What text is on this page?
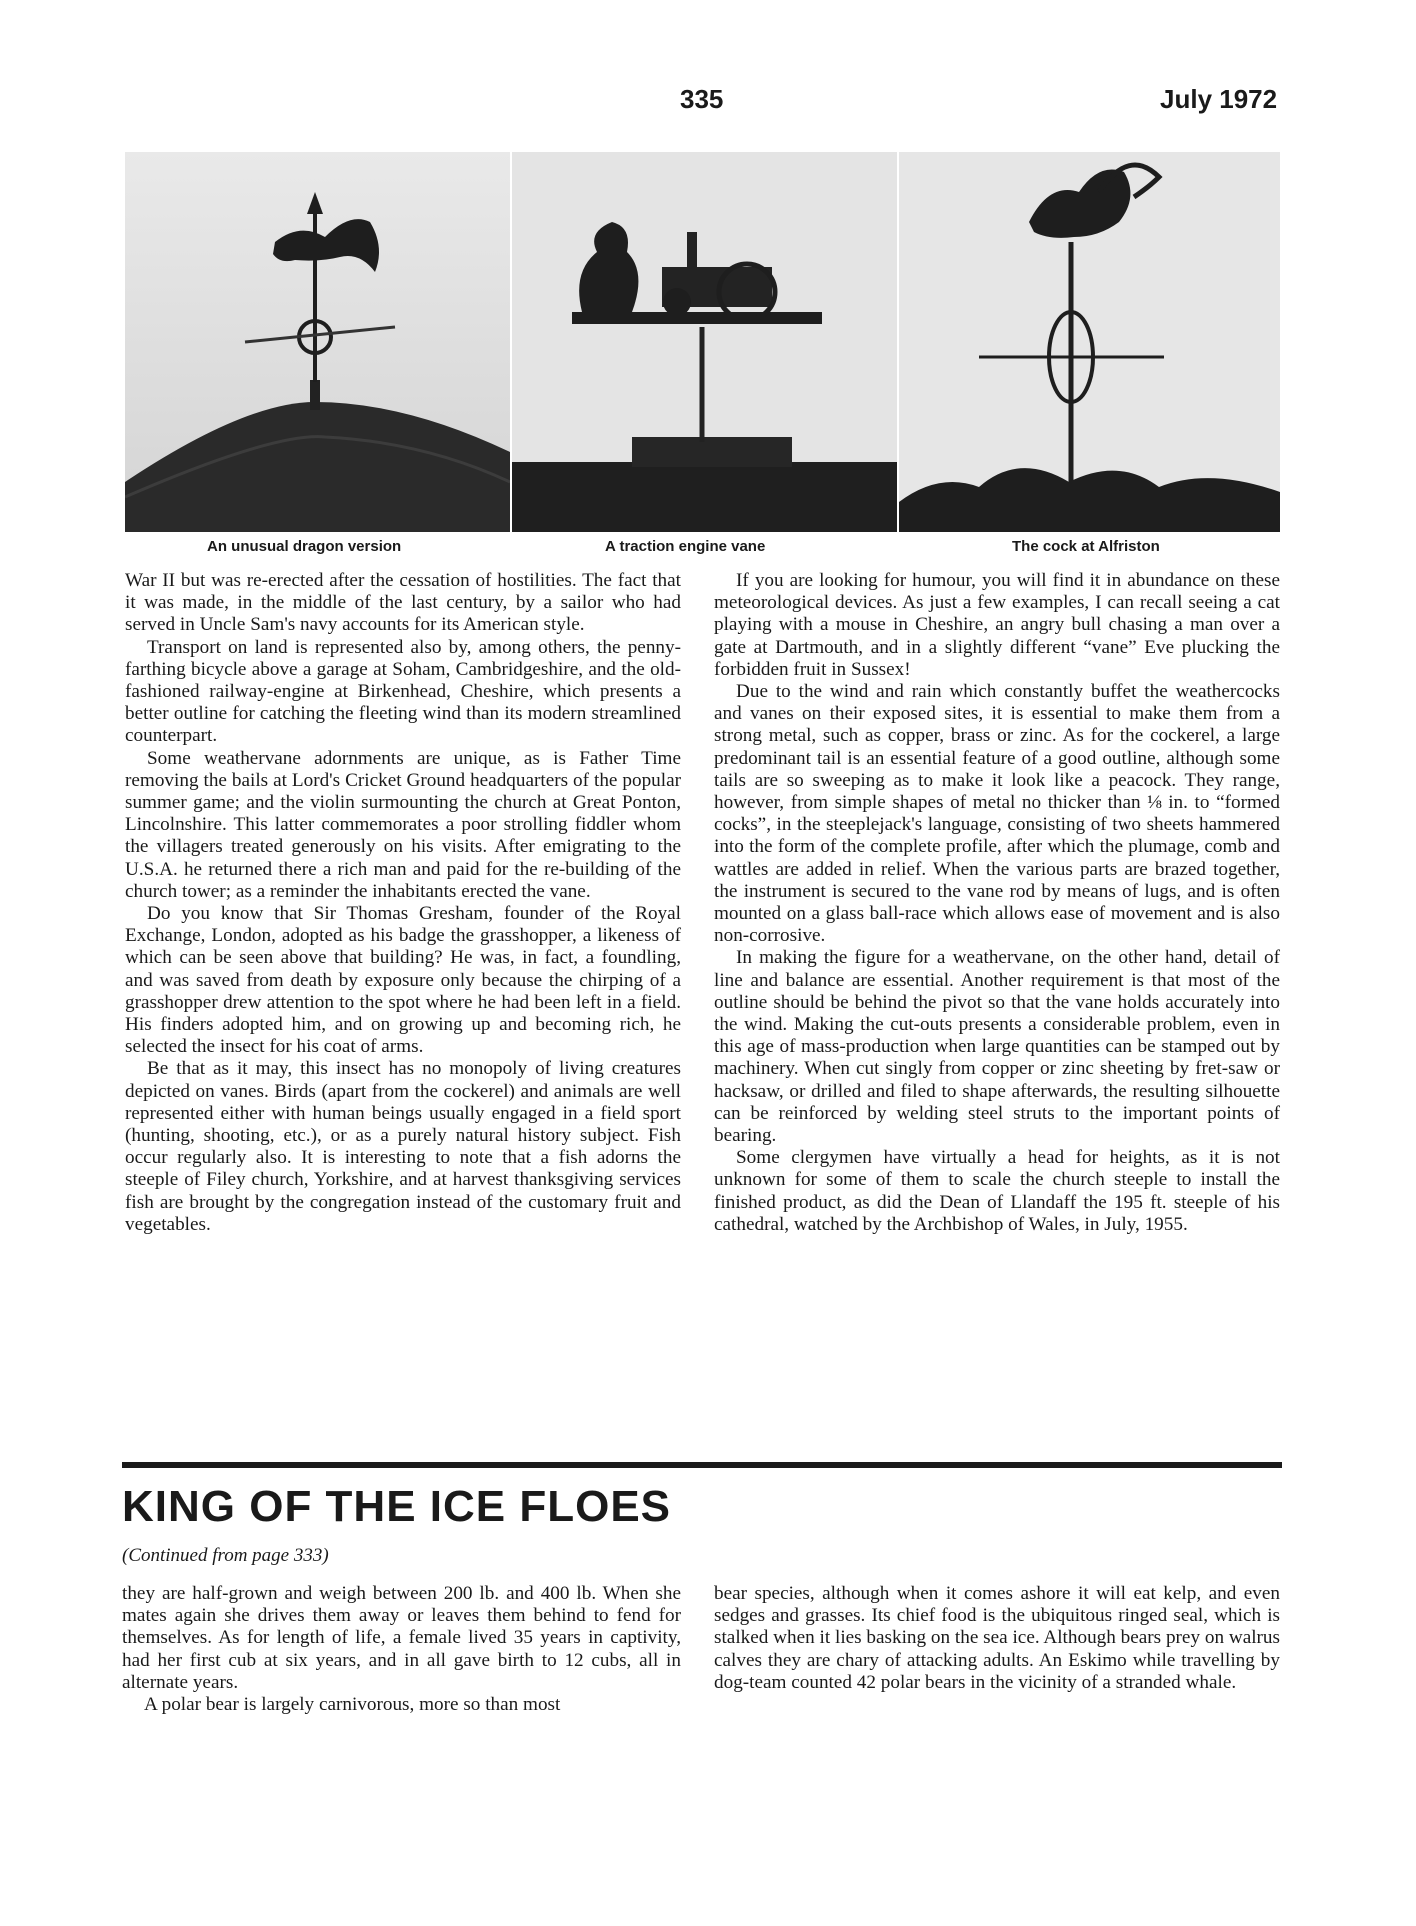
335	July 1972
An unusual dragon version	A traction engine vane	The cock at Alfriston

War II but was re-erected after the cessation of hostilities. The fact that it was made, in the middle of the last century, by a sailor who had served in Uncle Sam's navy accounts for its American style.

Transport on land is represented also by, among others, the penny-farthing bicycle above a garage at Soham, Cambridgeshire, and the old-fashioned railway-engine at Birkenhead, Cheshire, which presents a better outline for catching the fleeting wind than its modern streamlined counterpart.

Some weathervane adornments are unique, as is Father Time removing the bails at Lord's Cricket Ground headquarters of the popular summer game; and the violin surmounting the church at Great Ponton, Lincolnshire. This latter commemorates a poor strolling fiddler whom the villagers treated generously on his visits. After emigrating to the U.S.A. he returned there a rich man and paid for the re-building of the church tower; as a reminder the inhabitants erected the vane.

Do you know that Sir Thomas Gresham, founder of the Royal Exchange, London, adopted as his badge the grasshopper, a likeness of which can be seen above that building? He was, in fact, a foundling, and was saved from death by exposure only because the chirping of a grasshopper drew attention to the spot where he had been left in a field. His finders adopted him, and on growing up and becoming rich, he selected the insect for his coat of arms.

Be that as it may, this insect has no monopoly of living creatures depicted on vanes. Birds (apart from the cockerel) and animals are well represented either with human beings usually engaged in a field sport (hunting, shooting, etc.), or as a purely natural history subject. Fish occur regularly also. It is interesting to note that a fish adorns the steeple of Filey church, Yorkshire, and at harvest thanksgiving services fish are brought by the congregation instead of the customary fruit and vegetables.

If you are looking for humour, you will find it in abundance on these meteorological devices. As just a few examples, I can recall seeing a cat playing with a mouse in Cheshire, an angry bull chasing a man over a gate at Dartmouth, and in a slightly different “vane” Eve plucking the forbidden fruit in Sussex!

Due to the wind and rain which constantly buffet the weathercocks and vanes on their exposed sites, it is essential to make them from a strong metal, such as copper, brass or zinc. As for the cockerel, a large predominant tail is an essential feature of a good outline, although some tails are so sweeping as to make it look like a peacock. They range, however, from simple shapes of metal no thicker than ⅛ in. to “formed cocks”, in the steeplejack's language, consisting of two sheets hammered into the form of the complete profile, after which the plumage, comb and wattles are added in relief. When the various parts are brazed together, the instrument is secured to the vane rod by means of lugs, and is often mounted on a glass ball-race which allows ease of movement and is also non-corrosive.

In making the figure for a weathervane, on the other hand, detail of line and balance are essential. Another requirement is that most of the outline should be behind the pivot so that the vane holds accurately into the wind. Making the cut-outs presents a considerable problem, even in this age of mass-production when large quantities can be stamped out by machinery. When cut singly from copper or zinc sheeting by fret-saw or hacksaw, or drilled and filed to shape afterwards, the resulting silhouette can be reinforced by welding steel struts to the important points of bearing.

Some clergymen have virtually a head for heights, as it is not unknown for some of them to scale the church steeple to install the finished product, as did the Dean of Llandaff the 195 ft. steeple of his cathedral, watched by the Archbishop of Wales, in July, 1955.

KING OF THE ICE FLOES
(Continued from page 333)

they are half-grown and weigh between 200 lb. and 400 lb. When she mates again she drives them away or leaves them behind to fend for themselves. As for length of life, a female lived 35 years in captivity, had her first cub at six years, and in all gave birth to 12 cubs, all in alternate years.

A polar bear is largely carnivorous, more so than most

bear species, although when it comes ashore it will eat kelp, and even sedges and grasses. Its chief food is the ubiquitous ringed seal, which is stalked when it lies basking on the sea ice. Although bears prey on walrus calves they are chary of attacking adults. An Eskimo while travelling by dog-team counted 42 polar bears in the vicinity of a stranded whale.
